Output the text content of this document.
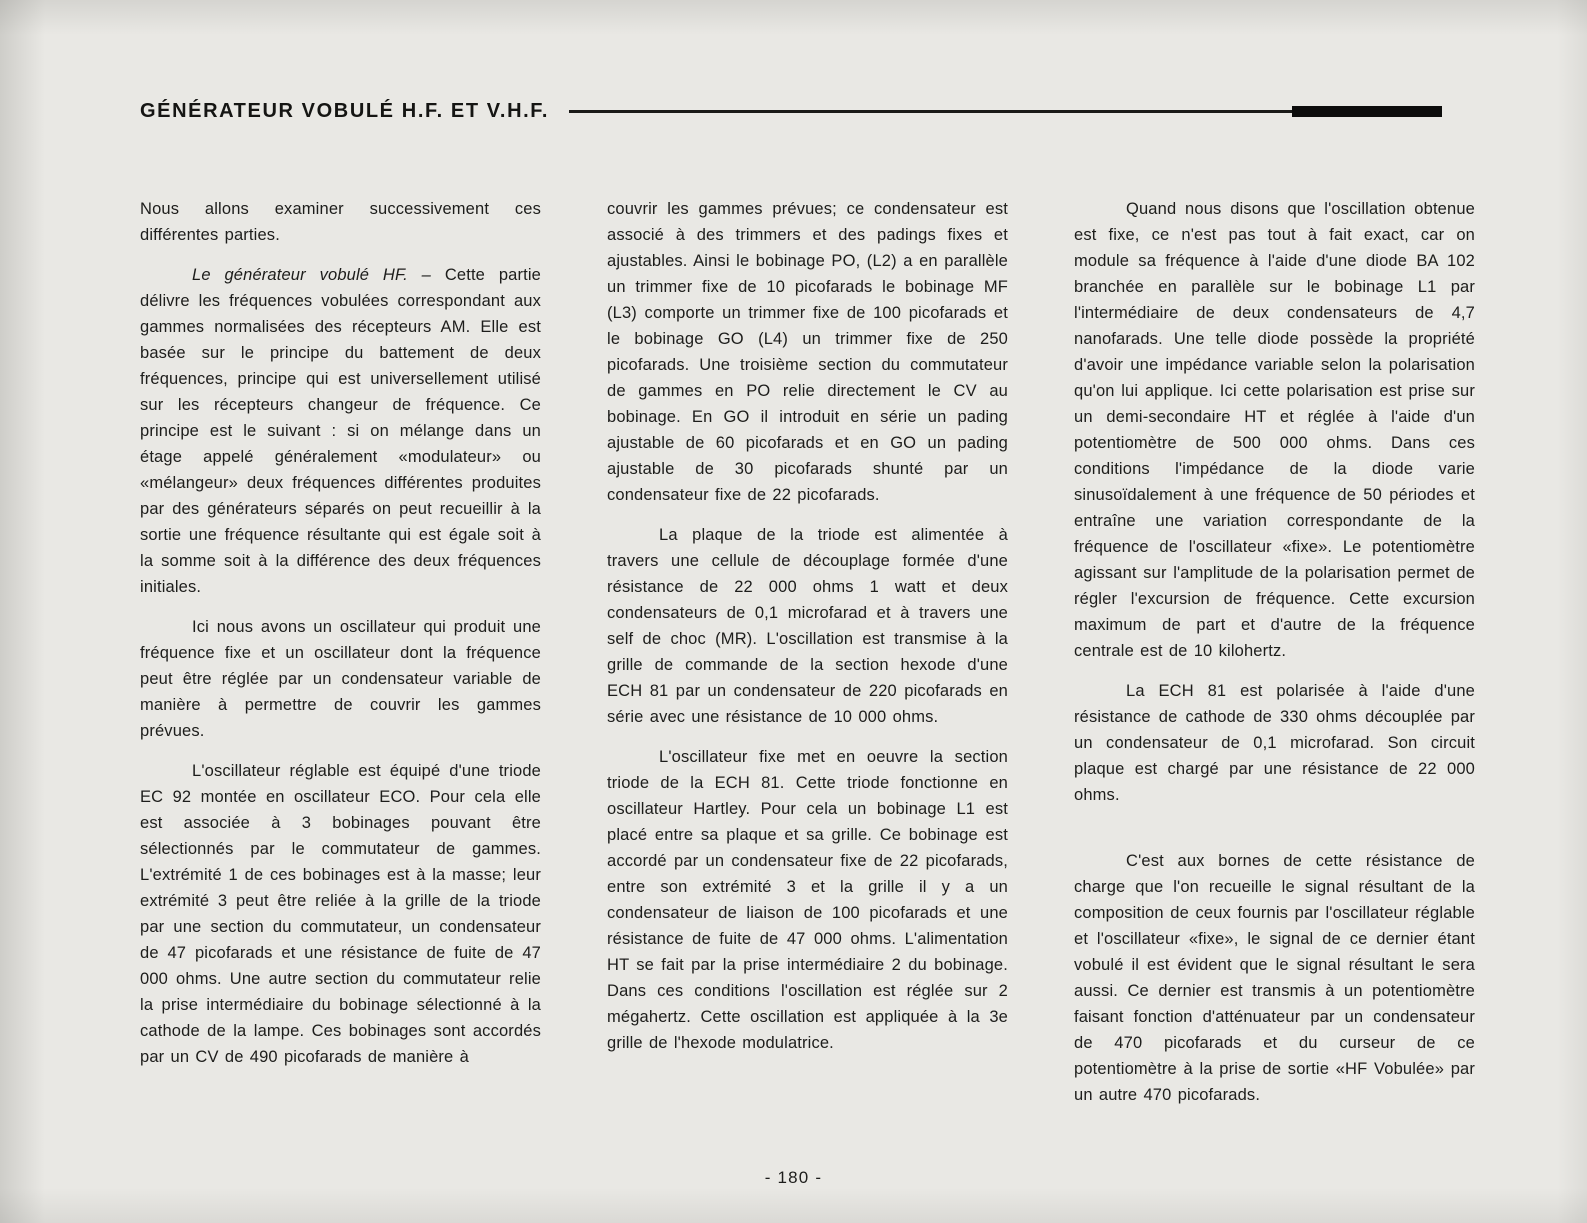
GÉNÉRATEUR VOBULÉ H.F. ET V.H.F.

Nous allons examiner successivement ces différentes parties.

Le générateur vobulé HF. – Cette partie délivre les fréquences vobulées correspondant aux gammes normalisées des récepteurs AM. Elle est basée sur le principe du battement de deux fréquences, principe qui est universellement utilisé sur les récepteurs changeur de fréquence. Ce principe est le suivant : si on mélange dans un étage appelé généralement «modulateur» ou «mélangeur» deux fréquences différentes produites par des générateurs séparés on peut recueillir à la sortie une fréquence résultante qui est égale soit à la somme soit à la différence des deux fréquences initiales.

Ici nous avons un oscillateur qui produit une fréquence fixe et un oscillateur dont la fréquence peut être réglée par un condensateur variable de manière à permettre de couvrir les gammes prévues.

L'oscillateur réglable est équipé d'une triode EC 92 montée en oscillateur ECO. Pour cela elle est associée à 3 bobinages pouvant être sélectionnés par le commutateur de gammes. L'extrémité 1 de ces bobinages est à la masse; leur extrémité 3 peut être reliée à la grille de la triode par une section du commutateur, un condensateur de 47 picofarads et une résistance de fuite de 47 000 ohms. Une autre section du commutateur relie la prise intermédiaire du bobinage sélectionné à la cathode de la lampe. Ces bobinages sont accordés par un CV de 490 picofarads de manière à

couvrir les gammes prévues; ce condensateur est associé à des trimmers et des padings fixes et ajustables. Ainsi le bobinage PO, (L2) a en parallèle un trimmer fixe de 10 picofarads le bobinage MF (L3) comporte un trimmer fixe de 100 picofarads et le bobinage GO (L4) un trimmer fixe de 250 picofarads. Une troisième section du commutateur de gammes en PO relie directement le CV au bobinage. En GO il introduit en série un pading ajustable de 60 picofarads et en GO un pading ajustable de 30 picofarads shunté par un condensateur fixe de 22 picofarads.

La plaque de la triode est alimentée à travers une cellule de découplage formée d'une résistance de 22 000 ohms 1 watt et deux condensateurs de 0,1 microfarad et à travers une self de choc (MR). L'oscillation est transmise à la grille de commande de la section hexode d'une ECH 81 par un condensateur de 220 picofarads en série avec une résistance de 10 000 ohms.

L'oscillateur fixe met en oeuvre la section triode de la ECH 81. Cette triode fonctionne en oscillateur Hartley. Pour cela un bobinage L1 est placé entre sa plaque et sa grille. Ce bobinage est accordé par un condensateur fixe de 22 picofarads, entre son extrémité 3 et la grille il y a un condensateur de liaison de 100 picofarads et une résistance de fuite de 47 000 ohms. L'alimentation HT se fait par la prise intermédiaire 2 du bobinage. Dans ces conditions l'oscillation est réglée sur 2 mégahertz. Cette oscillation est appliquée à la 3e grille de l'hexode modulatrice.

Quand nous disons que l'oscillation obtenue est fixe, ce n'est pas tout à fait exact, car on module sa fréquence à l'aide d'une diode BA 102 branchée en parallèle sur le bobinage L1 par l'intermédiaire de deux condensateurs de 4,7 nanofarads. Une telle diode possède la propriété d'avoir une impédance variable selon la polarisation qu'on lui applique. Ici cette polarisation est prise sur un demi-secondaire HT et réglée à l'aide d'un potentiomètre de 500 000 ohms. Dans ces conditions l'impédance de la diode varie sinusoïdalement à une fréquence de 50 périodes et entraîne une variation correspondante de la fréquence de l'oscillateur «fixe». Le potentiomètre agissant sur l'amplitude de la polarisation permet de régler l'excursion de fréquence. Cette excursion maximum de part et d'autre de la fréquence centrale est de 10 kilohertz.

La ECH 81 est polarisée à l'aide d'une résistance de cathode de 330 ohms découplée par un condensateur de 0,1 microfarad. Son circuit plaque est chargé par une résistance de 22 000 ohms.

C'est aux bornes de cette résistance de charge que l'on recueille le signal résultant de la composition de ceux fournis par l'oscillateur réglable et l'oscillateur «fixe», le signal de ce dernier étant vobulé il est évident que le signal résultant le sera aussi. Ce dernier est transmis à un potentiomètre faisant fonction d'atténuateur par un condensateur de 470 picofarads et du curseur de ce potentiomètre à la prise de sortie «HF Vobulée» par un autre 470 picofarads.

- 180 -
